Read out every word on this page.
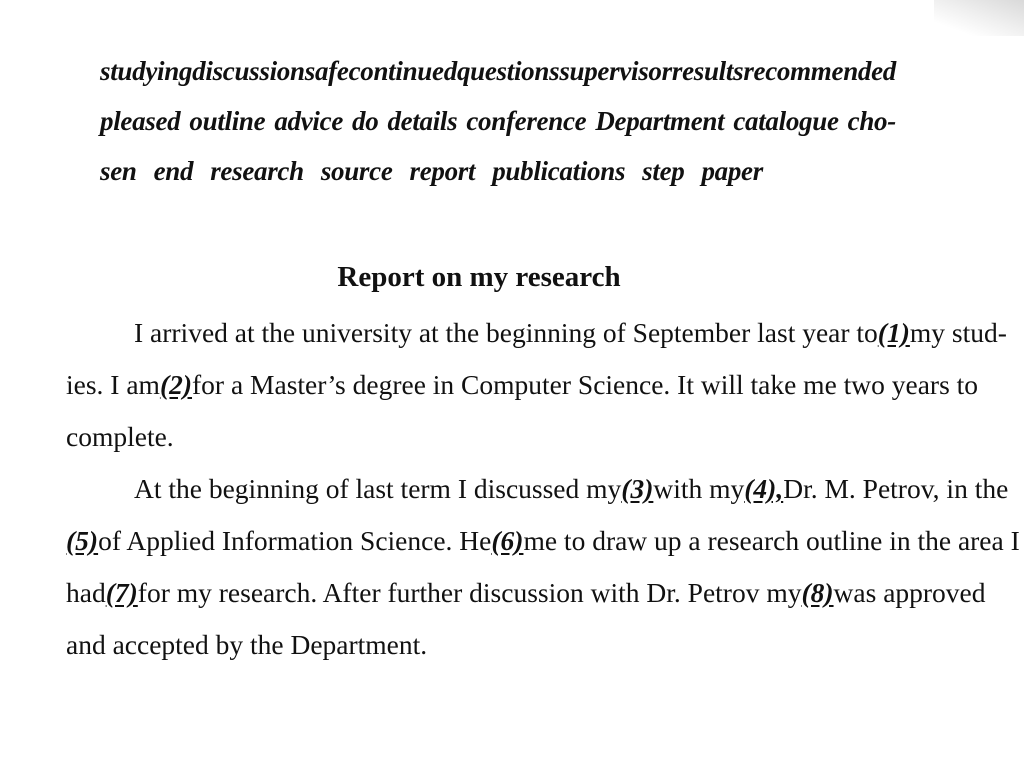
studying discussion safe continued questions supervisor results recommended
pleased outline advice do details conference Department catalogue cho-
sen end research source report publications step paper
Report on my research
I arrived at the university at the beginning of September last year to (1) my stud-
ies. I am (2) for a Master’s degree in Computer Science. It will take me two years to
complete.
At the beginning of last term I discussed my (3) with my (4), Dr. M. Petrov, in the
(5) of Applied Information Science. He (6) me to draw up a research outline in the area I
had (7) for my research. After further discussion with Dr. Petrov my (8) was approved
and accepted by the Department.
